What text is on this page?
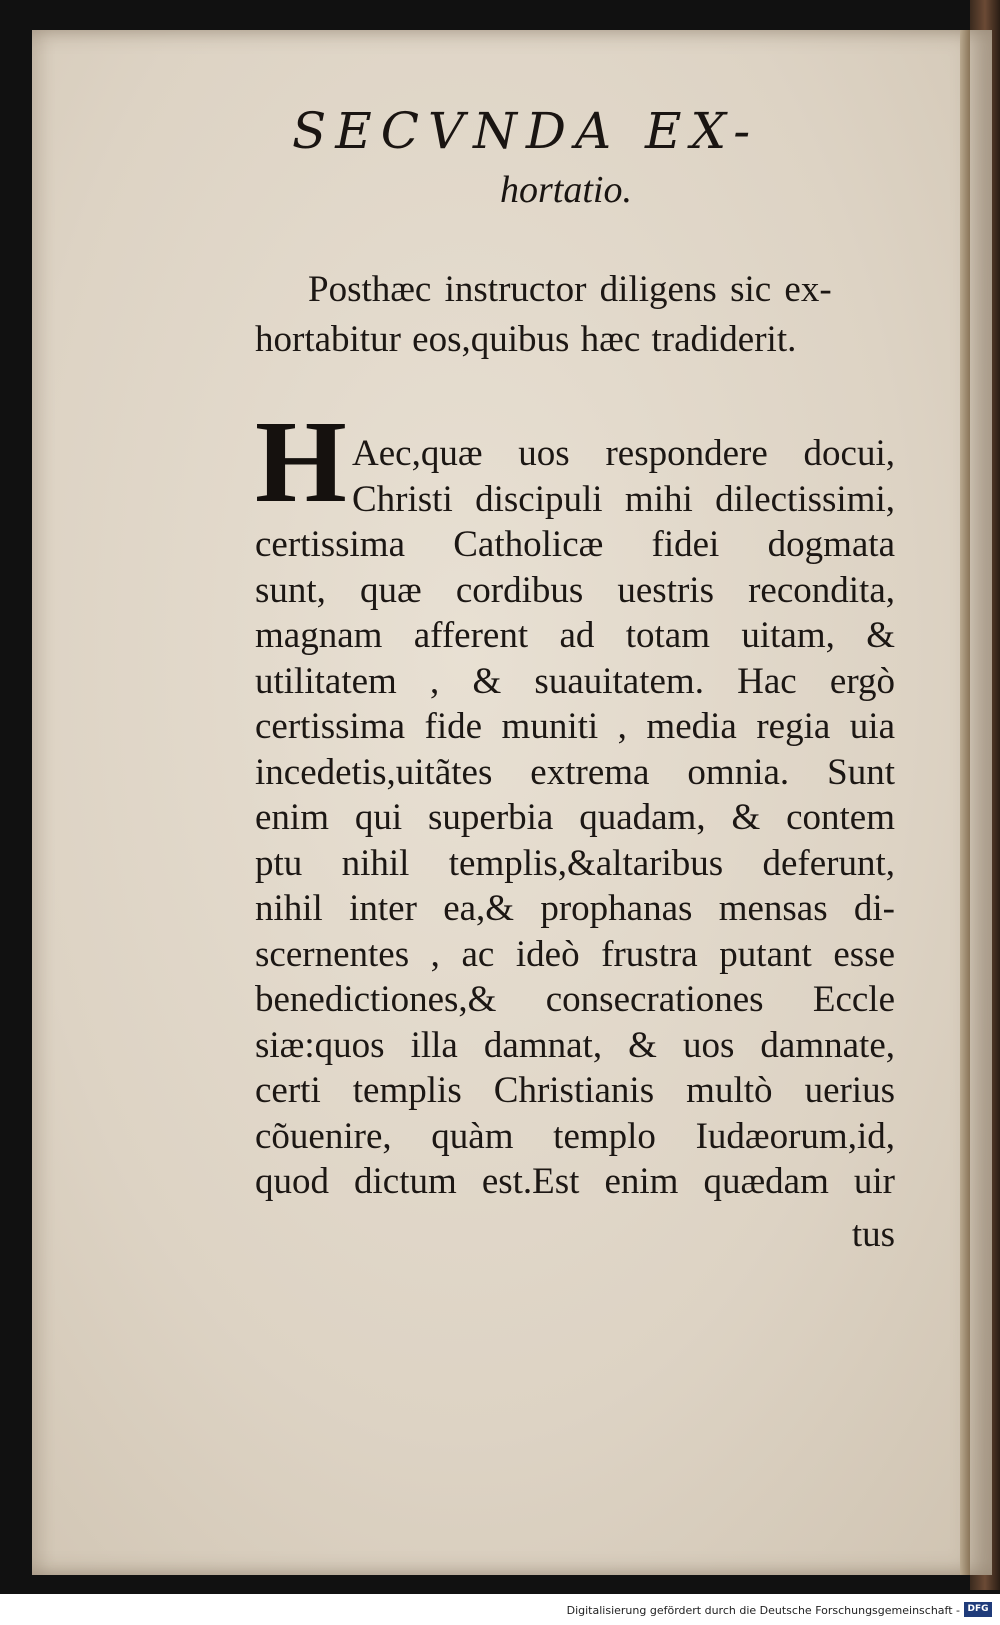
SECVNDA EX-
hortatio.
Posthæc instructor diligens sic ex-
hortabitur eos,quibus hæc tradiderit.
H Aec,quæ uos respondere docui,
Christi discipuli mihi dilectissimi,
certissima Catholicæ fidei dogmata
sunt, quæ cordibus uestris recondita,
magnam afferent ad totam uitam, &
utilitatem , & suauitatem. Hac ergò
certissima fide muniti , media regia uia
incedetis,uitãtes extrema omnia. Sunt
enim qui superbia quadam, & contem
ptu nihil templis,&altaribus deferunt,
nihil inter ea,& prophanas mensas di-
scernentes , ac ideò frustra putant esse
benedictiones,& consecrationes Eccle
siæ:quos illa damnat, & uos damnate,
certi templis Christianis multò uerius
cõuenire, quàm templo Iudæorum,id,
quod dictum est.Est enim quædam uir
tus
Digitalisierung gefördert durch die Deutsche Forschungsgemeinschaft - DFG
